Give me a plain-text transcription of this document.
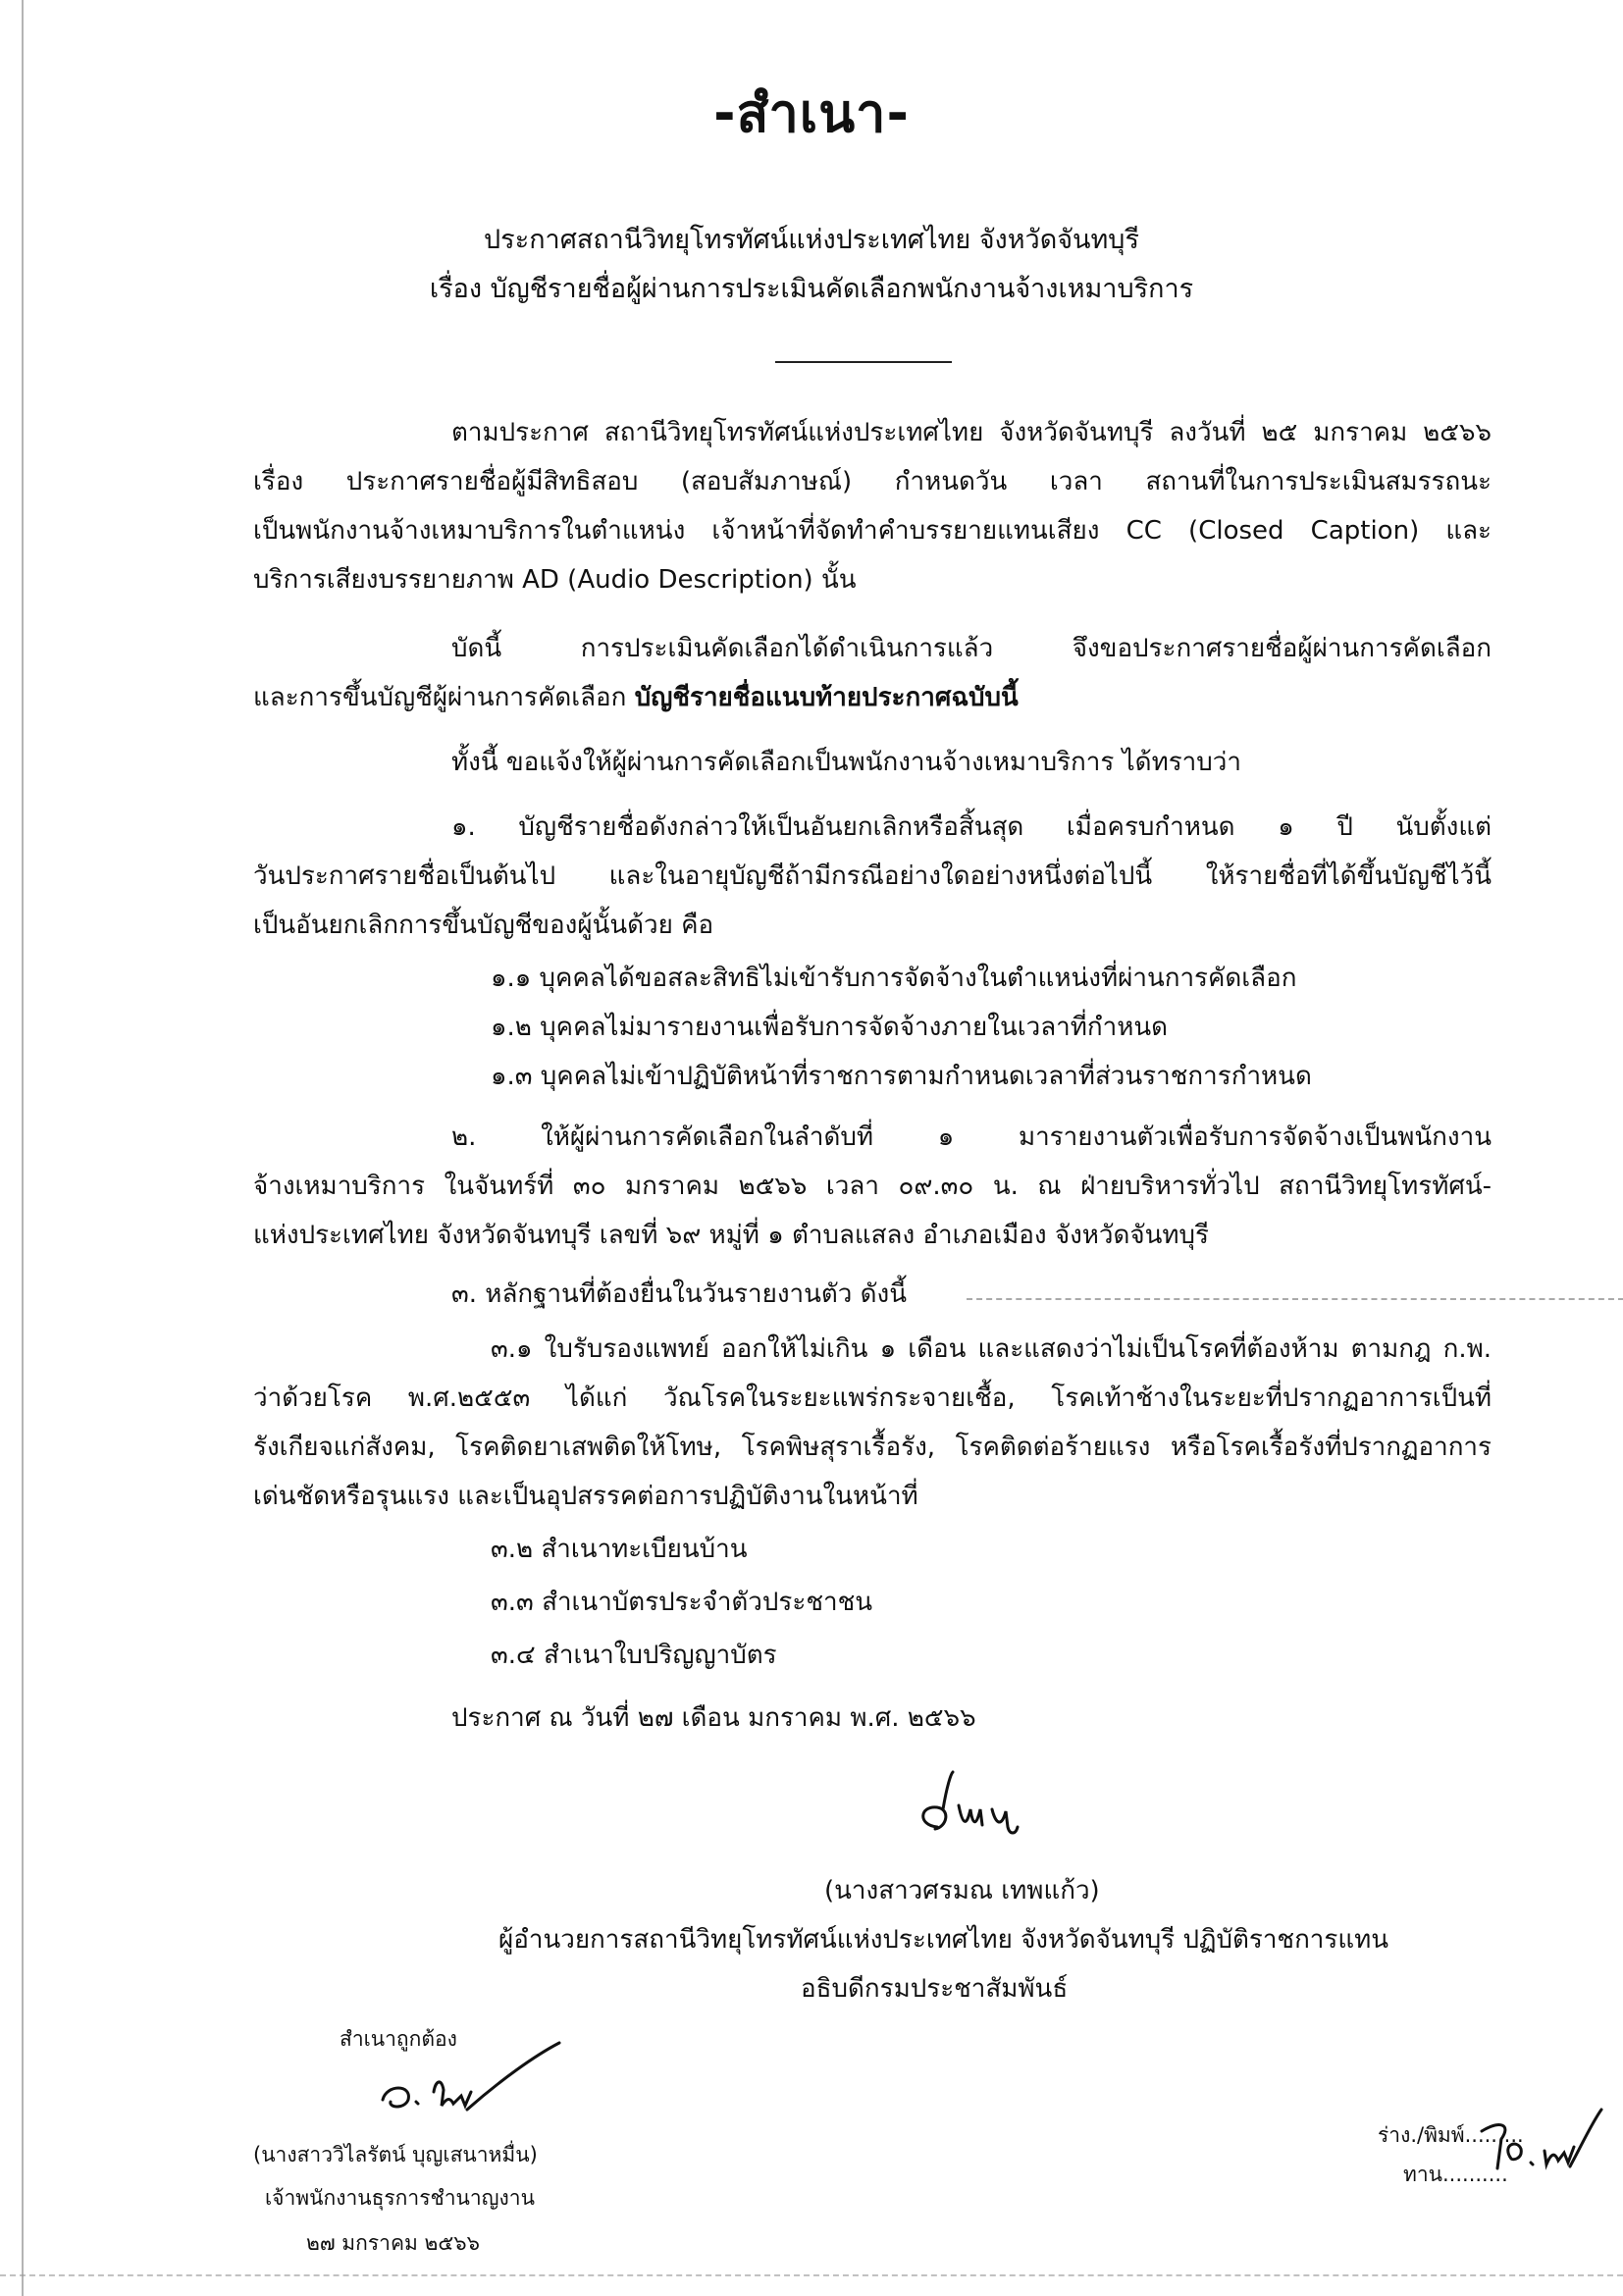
-สำเนา-
ประกาศสถานีวิทยุโทรทัศน์แห่งประเทศไทย จังหวัดจันทบุรี
เรื่อง บัญชีรายชื่อผู้ผ่านการประเมินคัดเลือกพนักงานจ้างเหมาบริการ
ตามประกาศ สถานีวิทยุโทรทัศน์แห่งประเทศไทย จังหวัดจันทบุรี ลงวันที่ ๒๕ มกราคม ๒๕๖๖
เรื่อง ประกาศรายชื่อผู้มีสิทธิสอบ (สอบสัมภาษณ์) กำหนดวัน เวลา สถานที่ในการประเมินสมรรถนะ
เป็นพนักงานจ้างเหมาบริการในตำแหน่ง เจ้าหน้าที่จัดทำคำบรรยายแทนเสียง CC (Closed Caption) และ
บริการเสียงบรรยายภาพ AD (Audio Description) นั้น
บัดนี้ การประเมินคัดเลือกได้ดำเนินการแล้ว จึงขอประกาศรายชื่อผู้ผ่านการคัดเลือก
และการขึ้นบัญชีผู้ผ่านการคัดเลือก บัญชีรายชื่อแนบท้ายประกาศฉบับนี้
ทั้งนี้ ขอแจ้งให้ผู้ผ่านการคัดเลือกเป็นพนักงานจ้างเหมาบริการ ได้ทราบว่า
๑. บัญชีรายชื่อดังกล่าวให้เป็นอันยกเลิกหรือสิ้นสุด เมื่อครบกำหนด ๑ ปี นับตั้งแต่
วันประกาศรายชื่อเป็นต้นไป และในอายุบัญชีถ้ามีกรณีอย่างใดอย่างหนึ่งต่อไปนี้ ให้รายชื่อที่ได้ขึ้นบัญชีไว้นี้
เป็นอันยกเลิกการขึ้นบัญชีของผู้นั้นด้วย คือ
๑.๑ บุคคลได้ขอสละสิทธิไม่เข้ารับการจัดจ้างในตำแหน่งที่ผ่านการคัดเลือก
๑.๒ บุคคลไม่มารายงานเพื่อรับการจัดจ้างภายในเวลาที่กำหนด
๑.๓ บุคคลไม่เข้าปฏิบัติหน้าที่ราชการตามกำหนดเวลาที่ส่วนราชการกำหนด
๒. ให้ผู้ผ่านการคัดเลือกในลำดับที่ ๑ มารายงานตัวเพื่อรับการจัดจ้างเป็นพนักงาน
จ้างเหมาบริการ ในจันทร์ที่ ๓๐ มกราคม ๒๕๖๖ เวลา ๐๙.๓๐ น. ณ ฝ่ายบริหารทั่วไป สถานีวิทยุโทรทัศน์-
แห่งประเทศไทย จังหวัดจันทบุรี เลขที่ ๖๙ หมู่ที่ ๑ ตำบลแสลง อำเภอเมือง จังหวัดจันทบุรี
๓. หลักฐานที่ต้องยื่นในวันรายงานตัว ดังนี้
๓.๑ ใบรับรองแพทย์ ออกให้ไม่เกิน ๑ เดือน และแสดงว่าไม่เป็นโรคที่ต้องห้าม ตามกฎ ก.พ.
ว่าด้วยโรค พ.ศ.๒๕๕๓ ได้แก่ วัณโรคในระยะแพร่กระจายเชื้อ, โรคเท้าช้างในระยะที่ปรากฏอาการเป็นที่
รังเกียจแก่สังคม, โรคติดยาเสพติดให้โทษ, โรคพิษสุราเรื้อรัง, โรคติดต่อร้ายแรง หรือโรคเรื้อรังที่ปรากฏอาการ
เด่นชัดหรือรุนแรง และเป็นอุปสรรคต่อการปฏิบัติงานในหน้าที่
๓.๒ สำเนาทะเบียนบ้าน
๓.๓ สำเนาบัตรประจำตัวประชาชน
๓.๔ สำเนาใบปริญญาบัตร
ประกาศ ณ วันที่ ๒๗ เดือน มกราคม พ.ศ. ๒๕๖๖
(นางสาวศรมณ เทพแก้ว)
ผู้อำนวยการสถานีวิทยุโทรทัศน์แห่งประเทศไทย จังหวัดจันทบุรี ปฏิบัติราชการแทน
อธิบดีกรมประชาสัมพันธ์
สำเนาถูกต้อง
(นางสาววิไลรัตน์ บุญเสนาหมื่น)
เจ้าพนักงานธุรการชำนาญงาน
๒๗ มกราคม ๒๕๖๖
ร่าง./พิมพ์.........
ทาน..........
